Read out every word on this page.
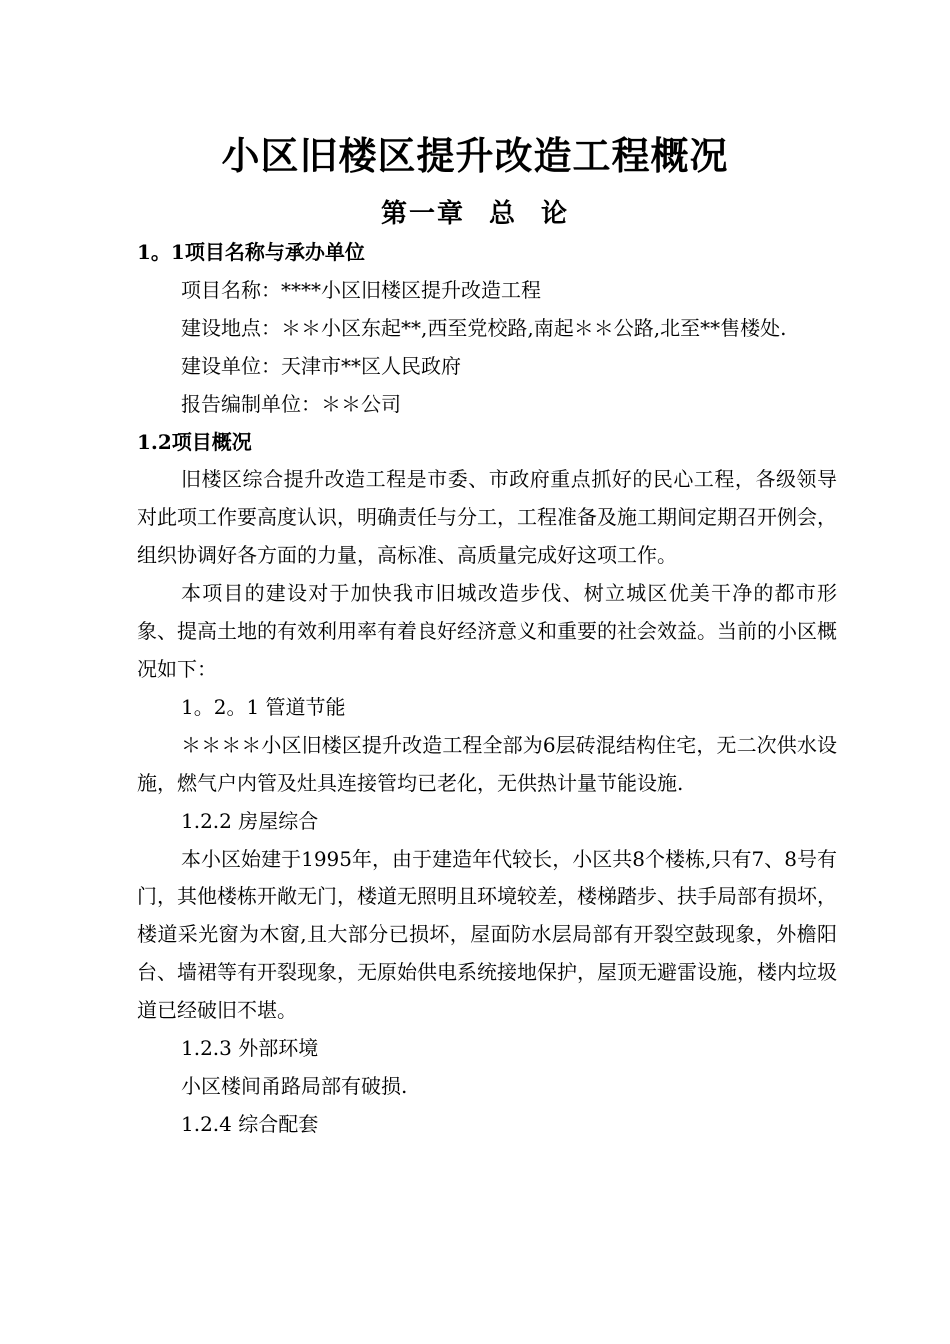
小区旧楼区提升改造工程概况
第一章 总 论

1。1项目名称与承办单位

项目名称：****小区旧楼区提升改造工程

建设地点：＊＊小区东起**,西至党校路,南起＊＊公路,北至**售楼处.

建设单位：天津市**区人民政府

报告编制单位：＊＊公司

1.2项目概况

旧楼区综合提升改造工程是市委、市政府重点抓好的民心工程，各级领导对此项工作要高度认识，明确责任与分工，工程准备及施工期间定期召开例会，组织协调好各方面的力量，高标准、高质量完成好这项工作。

本项目的建设对于加快我市旧城改造步伐、树立城区优美干净的都市形象、提高土地的有效利用率有着良好经济意义和重要的社会效益。当前的小区概况如下：

1。2。1 管道节能

＊＊＊＊小区旧楼区提升改造工程全部为6层砖混结构住宅，无二次供水设施，燃气户内管及灶具连接管均已老化，无供热计量节能设施.

1.2.2 房屋综合

本小区始建于1995年，由于建造年代较长，小区共8个楼栋,只有7、8号有门，其他楼栋开敞无门，楼道无照明且环境较差，楼梯踏步、扶手局部有损坏，楼道采光窗为木窗,且大部分已损坏，屋面防水层局部有开裂空鼓现象，外檐阳台、墙裙等有开裂现象，无原始供电系统接地保护，屋顶无避雷设施，楼内垃圾道已经破旧不堪。

1.2.3 外部环境

小区楼间甬路局部有破损.

1.2.4 综合配套
